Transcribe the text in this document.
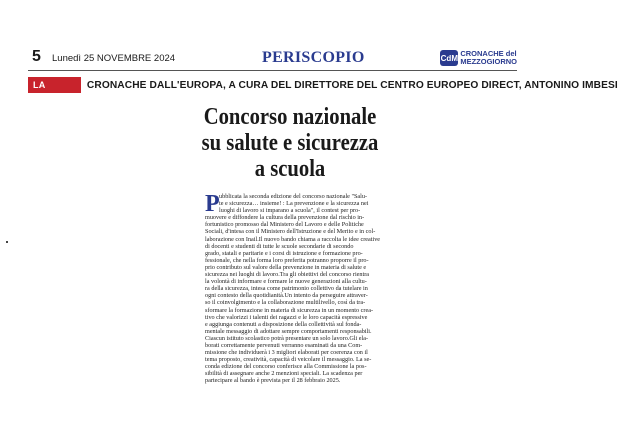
5 Lunedì 25 NOVEMBRE 2024	PERISCOPIO	CdM CRONACHE del
MEZZOGIORNO
LA RUBRICA
CRONACHE DALL'EUROPA, A CURA DEL DIRETTORE DEL CENTRO EUROPEO DIRECT, ANTONINO IMBESI
Concorso nazionale
su salute e sicurezza
a scuola
P ubblicata la seconda edizione del concorso nazionale "Salu-
te e sicurezza… insieme! : La prevenzione e la sicurezza nei
luoghi di lavoro si imparano a scuola", il contest per pro-
muovere e diffondere la cultura della prevenzione dal rischio in-
fortunistico promosso dal Ministero del Lavoro e delle Politiche
Sociali, d'intesa con il Ministero dell'Istruzione e del Merito e in col-
laborazione con Inail.Il nuovo bando chiama a raccolta le idee creative
di docenti e studenti di tutte le scuole secondarie di secondo
grado, statali e paritarie e i corsi di istruzione e formazione pro-
fessionale, che nella forma loro preferita potranno proporre il pro-
prio contributo sul valore della prevenzione in materia di salute e
sicurezza nei luoghi di lavoro.Tra gli obiettivi del concorso rientra
la volontà di informare e formare le nuove generazioni alla cultu-
ra della sicurezza, intesa come patrimonio collettivo da tutelare in
ogni contesto della quotidianità.Un intento da perseguire attraver-
so il coinvolgimento e la collaborazione multilivello, così da tra-
sformare la formazione in materia di sicurezza in un momento crea-
tivo che valorizzi i talenti dei ragazzi e le loro capacità espressive
e aggiunga contenuti a disposizione della collettività sul fonda-
mentale messaggio di adottare sempre comportamenti responsabili.
Ciascun istituto scolastico potrà presentare un solo lavoro.Gli ela-
borati correttamente pervenuti verranno esaminati da una Com-
missione che individuerà i 3 migliori elaborati per coerenza con il
tema proposto, creatività, capacità di veicolare il messaggio. La se-
conda edizione del concorso conferisce alla Commissione la pos-
sibilità di assegnare anche 2 menzioni speciali. La scadenza per
partecipare al bando è prevista per il 28 febbraio 2025.
